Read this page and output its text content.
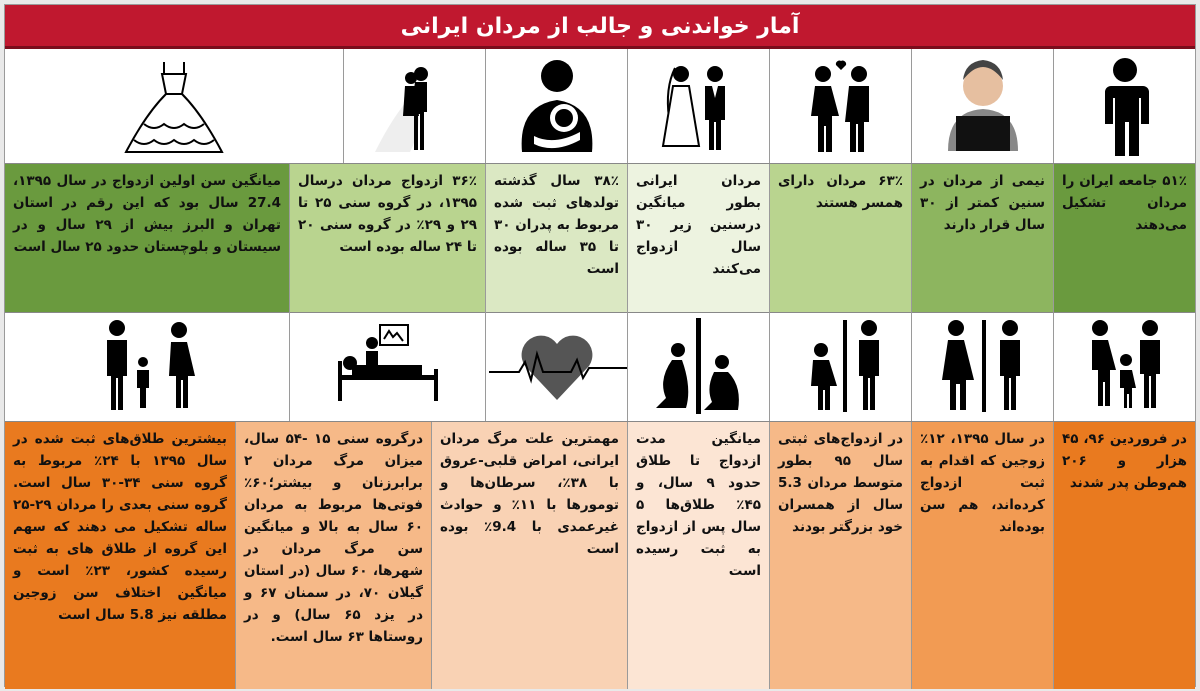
آمار خواندنی و جالب از مردان ایرانی
۵۱٪ جامعه ایران را مردان تشکیل می‌دهند
نیمی از مردان در سنین کمتر از ۳۰ سال قرار دارند
۶۳٪ مردان دارای همسر هستند
مردان ایرانی بطور میانگین درسنین زیر ۳۰ سال ازدواج می‌کنند
۳۸٪ سال گذشته تولدهای ثبت شده مربوط به پدران ۳۰ تا ۳۵ ساله بوده است
۳۶٪ ازدواج مردان درسال ۱۳۹۵، در گروه سنی ۲۵ تا ۲۹ و ۲۹٪ در گروه سنی ۲۰ تا ۲۴ ساله بوده است
میانگین سن اولین ازدواج در سال ۱۳۹۵، 27.4 سال بود که این رقم در استان تهران و البرز بیش از ۲۹ سال و در سیستان و بلوچستان حدود ۲۵ سال است
در فروردین ۹۶، ۴۵ هزار و ۲۰۶ هم‌وطن پدر شدند
در سال ۱۳۹۵، ۱۲٪ زوجین که اقدام به ثبت ازدواج کرده‌اند، هم سن بوده‌اند
در ازدواج‌های ثبتی سال ۹۵ بطور متوسط مردان 5.3 سال از همسران خود بزرگتر بودند
میانگین مدت ازدواج تا طلاق حدود ۹ سال، و ۴۵٪ طلاق‌ها ۵ سال پس از ازدواج به ثبت رسیده است
مهمترین علت مرگ مردان ایرانی، امراض قلبی-عروق با ۳۸٪، سرطان‌ها و تومورها با ۱۱٪ و حوادث غیرعمدی با 9.4٪ بوده است
درگروه سنی ۱۵ -۵۴ سال، میزان مرگ مردان ۲ برابرزنان و بیشتر؛۶۰٪ فوتی‌ها مربوط به مردان ۶۰ سال به بالا و میانگین سن مرگ مردان در شهرها، ۶۰ سال (در استان گیلان ۷۰، در سمنان ۶۷ و در یزد ۶۵ سال) و در روستاها ۶۳ سال است.
بیشترین طلاق‌های ثبت شده در سال ۱۳۹۵ با ۲۴٪ مربوط به گروه سنی ۳۴-۳۰ سال است. گروه سنی بعدی را مردان ۲۹-۲۵ ساله تشکیل می دهند که سهم این گروه از طلاق های به ثبت رسیده کشور، ۲۳٪ است و میانگین اختلاف سن زوجین مطلقه نیز 5.8 سال است
